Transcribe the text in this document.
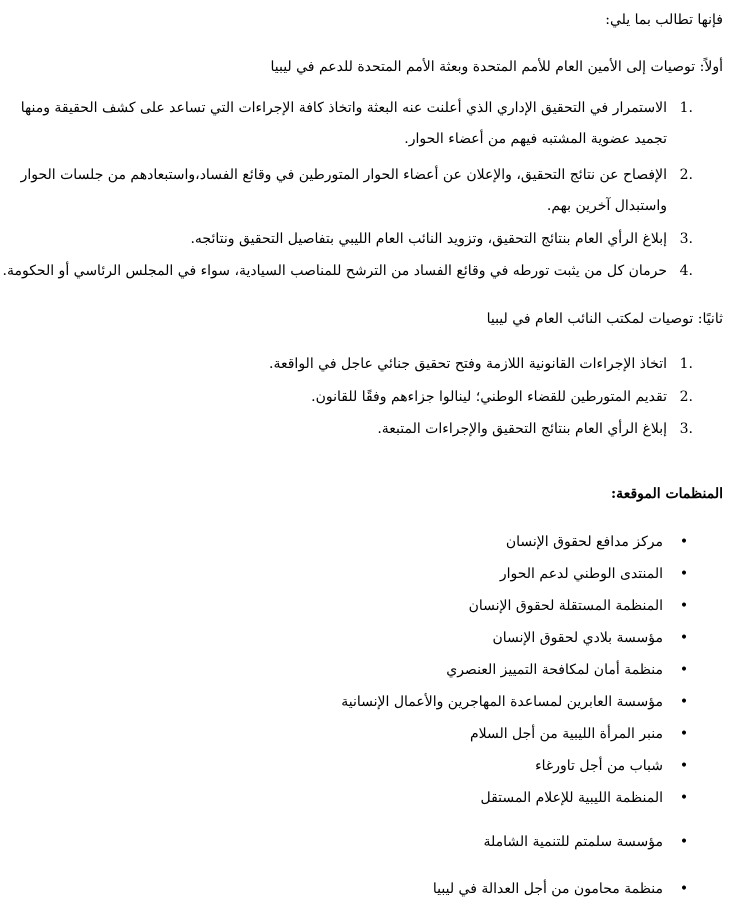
فإنها تطالب بما يلي:
أولاً: توصيات إلى الأمين العام للأمم المتحدة وبعثة الأمم المتحدة للدعم في ليبيا
1.
الاستمرار في التحقيق الإداري الذي أعلنت عنه البعثة واتخاذ كافة الإجراءات التي تساعد على كشف الحقيقة ومنها
تجميد عضوية المشتبه فيهم من أعضاء الحوار.
2.
الإفصاح عن نتائج التحقيق، والإعلان عن أعضاء الحوار المتورطين في وقائع الفساد،واستبعادهم من جلسات الحوار
واستبدال آخرين بهم.
3.
إبلاغ الرأي العام بنتائج التحقيق، وتزويد النائب العام الليبي بتفاصيل التحقيق ونتائجه.
4.
حرمان كل من يثبت تورطه في وقائع الفساد من الترشح للمناصب السيادية، سواء في المجلس الرئاسي أو الحكومة.
ثانيًا: توصيات لمكتب النائب العام في ليبيا
1.
اتخاذ الإجراءات القانونية اللازمة وفتح تحقيق جنائي عاجل في الواقعة.
2.
تقديم المتورطين للقضاء الوطني؛ لينالوا جزاءهم وفقًا للقانون.
3.
إبلاغ الرأي العام بنتائج التحقيق والإجراءات المتبعة.
المنظمات الموقعة:
•
مركز مدافع لحقوق الإنسان
•
المنتدى الوطني لدعم الحوار
•
المنظمة المستقلة لحقوق الإنسان
•
مؤسسة بلادي لحقوق الإنسان
•
منظمة أمان لمكافحة التمييز العنصري
•
مؤسسة العابرين لمساعدة المهاجرين والأعمال الإنسانية
•
منبر المرأة الليبية من أجل السلام
•
شباب من أجل تاورغاء
•
المنظمة الليبية للإعلام المستقل
•
مؤسسة سلمتم للتنمية الشاملة
•
منظمة محامون من أجل العدالة في ليبيا
